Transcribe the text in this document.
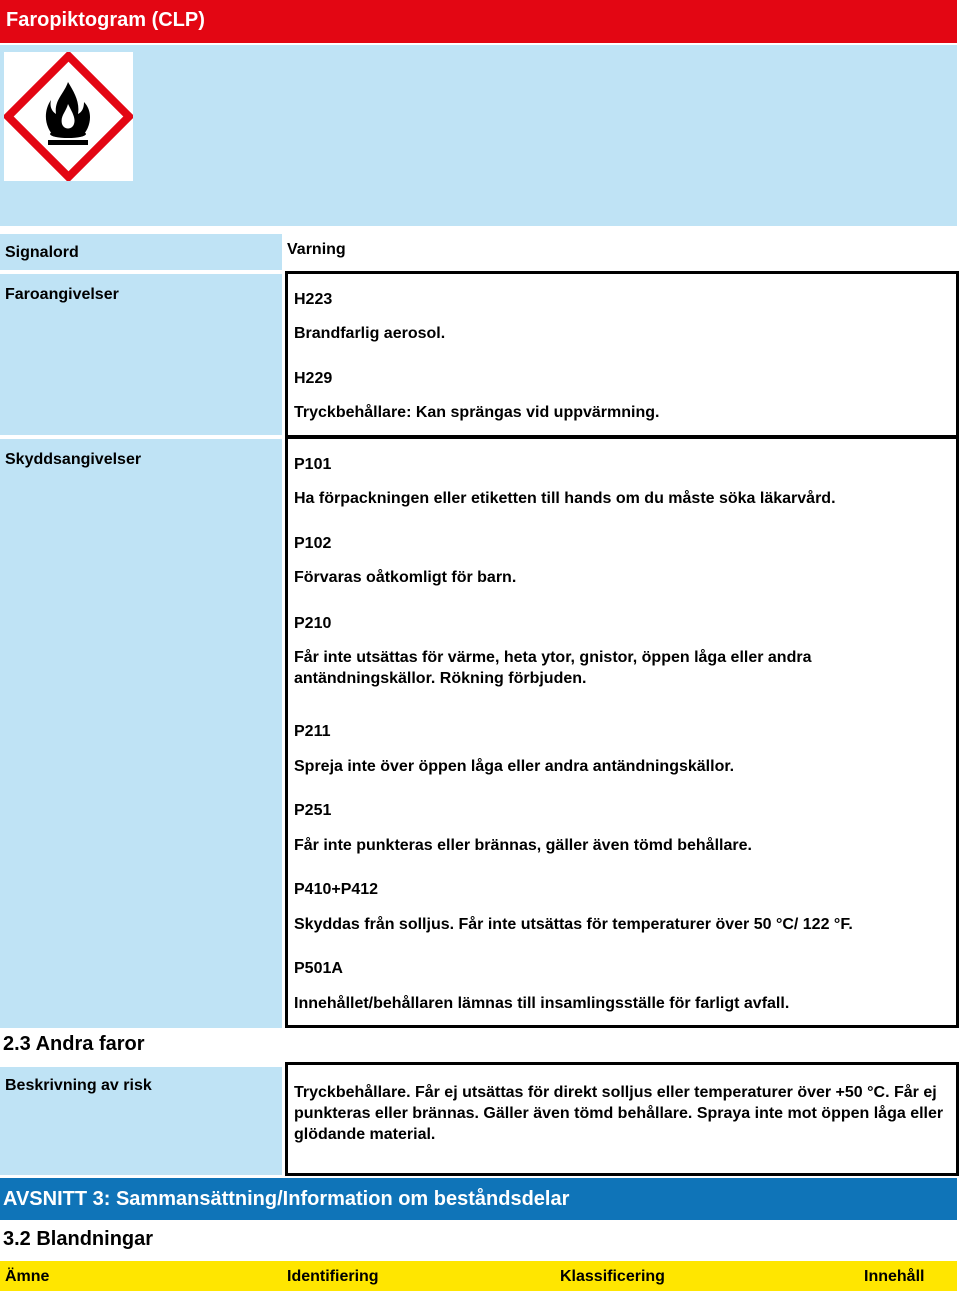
Faropiktogram (CLP)
Signalord	Varning
Faroangivelser	H223
Brandfarlig aerosol.
H229
Tryckbehållare: Kan sprängas vid uppvärmning.
Skyddsangivelser	P101
Ha förpackningen eller etiketten till hands om du måste söka läkarvård.
P102
Förvaras oåtkomligt för barn.
P210
Får inte utsättas för värme, heta ytor, gnistor, öppen låga eller andra antändningskällor. Rökning förbjuden.
P211
Spreja inte över öppen låga eller andra antändningskällor.
P251
Får inte punkteras eller brännas, gäller även tömd behållare.
P410+P412
Skyddas från solljus. Får inte utsättas för temperaturer över 50 °C/ 122 °F.
P501A
Innehållet/behållaren lämnas till insamlingsställe för farligt avfall.
2.3 Andra faror
Beskrivning av risk	Tryckbehållare. Får ej utsättas för direkt solljus eller temperaturer över +50 °C. Får ej punkteras eller brännas. Gäller även tömd behållare. Spraya inte mot öppen låga eller glödande material.
AVSNITT 3: Sammansättning/Information om beståndsdelar
3.2 Blandningar
Ämne	Identifiering	Klassificering	Innehåll
